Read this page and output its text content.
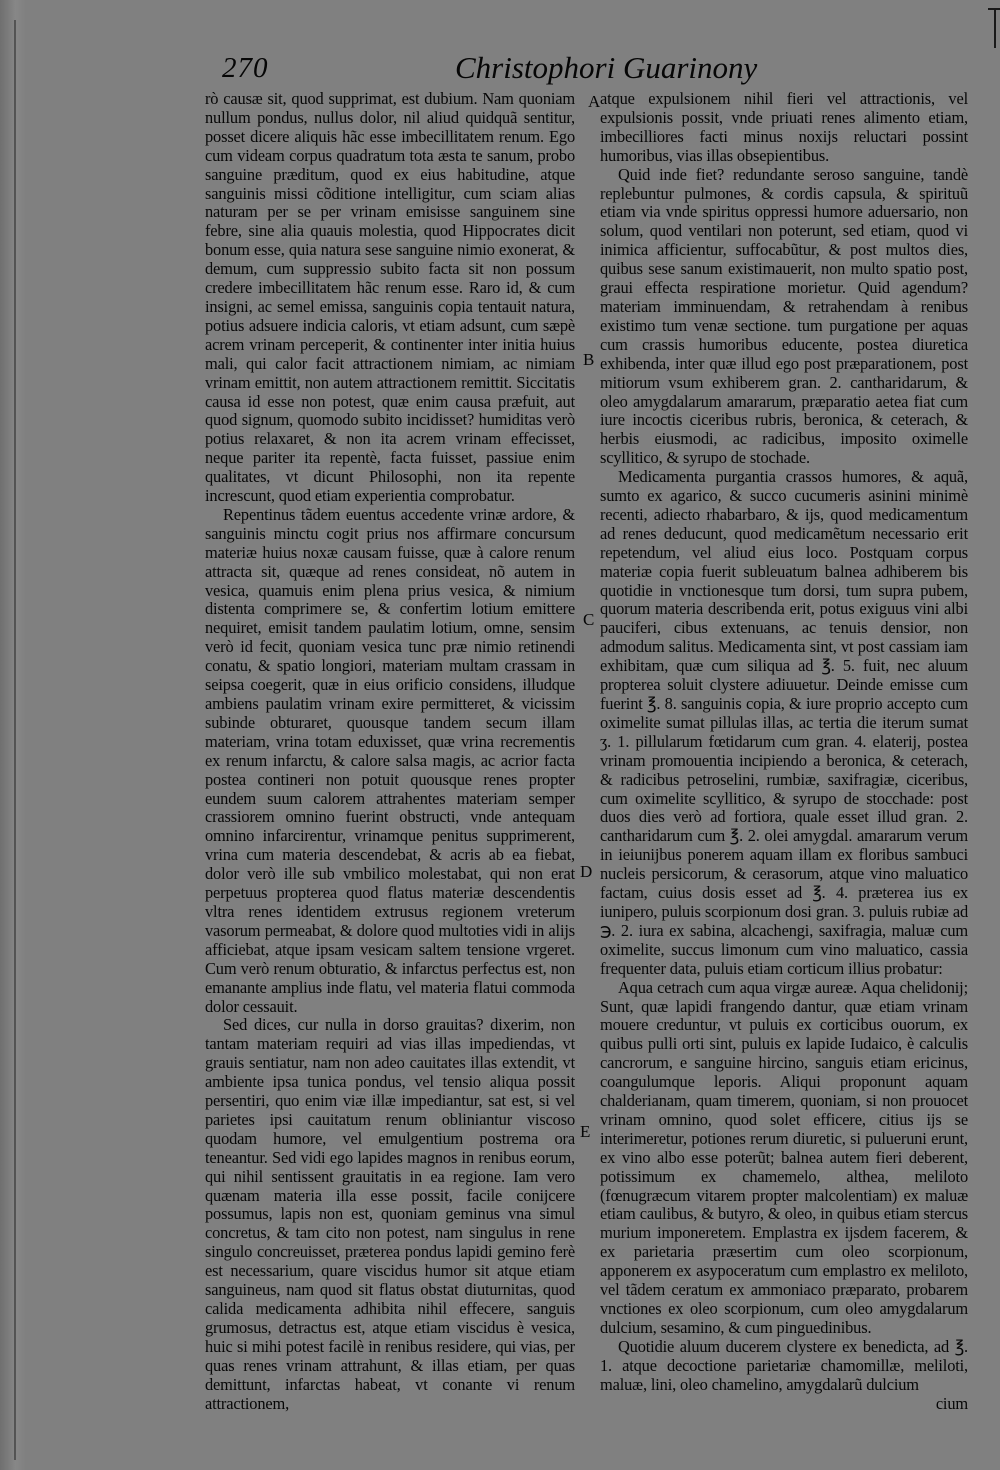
270	Christophori Guarinony

rò causæ sit, quod supprimat, est dubium. Nam quoniam nullum pondus, nullus dolor, nil aliud quidquã sentitur, posset dicere aliquis hãc esse imbecillitatem renum. Ego cum videam corpus quadratum tota æsta te sanum, probo sanguine præditum, quod ex eius habitudine, atque sanguinis missi cõditione intelligitur, cum sciam alias naturam per se per vrinam emisisse sanguinem sine febre, sine alia quauis molestia, quod Hippocrates dicit bonum esse, quia natura sese sanguine nimio exonerat, & demum, cum suppressio subito facta sit non possum credere imbecillitatem hãc renum esse. Raro id, & cum insigni, ac semel emissa, sanguinis copia tentauit natura, potius adsuere indicia caloris, vt etiam adsunt, cum sæpè acrem vrinam perceperit, & continenter inter initia huius mali, qui calor facit attractionem nimiam, ac nimiam vrinam emittit, non autem attractionem remittit. Siccitatis causa id esse non potest, quæ enim causa præfuit, aut quod signum, quomodo subito incidisset? humiditas verò potius relaxaret, & non ita acrem vrinam effecisset, neque pariter ita repentè, facta fuisset, passiue enim qualitates, vt dicunt Philosophi, non ita repente increscunt, quod etiam experientia comprobatur.

Repentinus tãdem euentus accedente vrinæ ardore, & sanguinis minctu cogit prius nos affirmare concursum materiæ huius noxæ causam fuisse, quæ à calore renum attracta sit, quæque ad renes consideat, nõ autem in vesica, quamuis enim plena prius vesica, & nimium distenta comprimere se, & confertim lotium emittere nequiret, emisit tandem paulatim lotium, omne, sensim verò id fecit, quoniam vesica tunc præ nimio retinendi conatu, & spatio longiori, materiam multam crassam in seipsa coegerit, quæ in eius orificio considens, illudque ambiens paulatim vrinam exire permitteret, & vicissim subinde obturaret, quousque tandem secum illam materiam, vrina totam eduxisset, quæ vrina recrementis ex renum infarctu, & calore salsa magis, ac acrior facta postea contineri non potuit quousque renes propter eundem suum calorem attrahentes materiam semper crassiorem omnino fuerint obstructi, vnde antequam omnino infarcirentur, vrinamque penitus supprimerent, vrina cum materia descendebat, & acris ab ea fiebat, dolor verò ille sub vmbilico molestabat, qui non erat perpetuus propterea quod flatus materiæ descendentis vltra renes identidem extrusus regionem vreterum vasorum permeabat, & dolore quod multoties vidi in alijs afficiebat, atque ipsam vesicam saltem tensione vrgeret. Cum verò renum obturatio, & infarctus perfectus est, non emanante amplius inde flatu, vel materia flatui commoda dolor cessauit.

Sed dices, cur nulla in dorso grauitas? dixerim, non tantam materiam requiri ad vias illas impediendas, vt grauis sentiatur, nam non adeo cauitates illas extendit, vt ambiente ipsa tunica pondus, vel tensio aliqua possit persentiri, quo enim viæ illæ impediantur, sat est, si vel parietes ipsi cauitatum renum obliniantur viscoso quodam humore, vel emulgentium postrema ora teneantur. Sed vidi ego lapides magnos in renibus eorum, qui nihil sentissent grauitatis in ea regione. Iam vero quænam materia illa esse possit, facile conijcere possumus, lapis non est, quoniam geminus vna simul concretus, & tam cito non potest, nam singulus in rene singulo concreuisset, præterea pondus lapidi gemino ferè est necessarium, quare viscidus humor sit atque etiam sanguineus, nam quod sit flatus obstat diuturnitas, quod calida medicamenta adhibita nihil effecere, sanguis grumosus, detractus est, atque etiam viscidus è vesica, huic si mihi potest facilè in renibus residere, qui vias, per quas renes vrinam attrahunt, & illas etiam, per quas demittunt, infarctas habeat, vt conante vi renum attractionem,

A
B
C
D
E

atque expulsionem nihil fieri vel attractionis, vel expulsionis possit, vnde priuati renes alimento etiam, imbecilliores facti minus noxijs reluctari possint humoribus, vias illas obsepientibus.

Quid inde fiet? redundante seroso sanguine, tandè replebuntur pulmones, & cordis capsula, & spirituũ etiam via vnde spiritus oppressi humore aduersario, non solum, quod ventilari non poterunt, sed etiam, quod vi inimica afficientur, suffocabũtur, & post multos dies, quibus sese sanum existimauerit, non multo spatio post, graui effecta respiratione morietur. Quid agendum? materiam imminuendam, & retrahendam à renibus existimo tum venæ sectione. tum purgatione per aquas cum crassis humoribus educente, postea diuretica exhibenda, inter quæ illud ego post præparationem, post mitiorum vsum exhiberem gran. 2. cantharidarum, & oleo amygdalarum amararum, præparatio aetea fiat cum iure incoctis ciceribus rubris, beronica, & ceterach, & herbis eiusmodi, ac radicibus, imposito oximelle scyllitico, & syrupo de stochade.

Medicamenta purgantia crassos humores, & aquã, sumto ex agarico, & succo cucumeris asinini minimè recenti, adiecto rhabarbaro, & ijs, quod medicamentum ad renes deducunt, quod medicamẽtum necessario erit repetendum, vel aliud eius loco. Postquam corpus materiæ copia fuerit subleuatum balnea adhiberem bis quotidie in vnctionesque tum dorsi, tum supra pubem, quorum materia describenda erit, potus exiguus vini albi pauciferi, cibus extenuans, ac tenuis densior, non admodum salitus. Medicamenta sint, vt post cassiam iam exhibitam, quæ cum siliqua ad ℥. 5. fuit, nec aluum propterea soluit clystere adiuuetur. Deinde emisse cum fuerint ℥. 8. sanguinis copia, & iure proprio accepto cum oximelite sumat pillulas illas, ac tertia die iterum sumat ʒ. 1. pillularum fœtidarum cum gran. 4. elaterij, postea vrinam promouentia incipiendo a beronica, & ceterach, & radicibus petroselini, rumbiæ, saxifragiæ, ciceribus, cum oximelite scyllitico, & syrupo de stocchade: post duos dies verò ad fortiora, quale esset illud gran. 2. cantharidarum cum ℥. 2. olei amygdal. amararum verum in ieiunijbus ponerem aquam illam ex floribus sambuci nucleis persicorum, & cerasorum, atque vino maluatico factam, cuius dosis esset ad ℥. 4. præterea ius ex iunipero, puluis scorpionum dosi gran. 3. puluis rubiæ ad ℈. 2. iura ex sabina, alcachengi, saxifragia, maluæ cum oximelite, succus limonum cum vino maluatico, cassia frequenter data, puluis etiam corticum illius probatur:

Aqua cetrach cum aqua virgæ aureæ. Aqua chelidonij; Sunt, quæ lapidi frangendo dantur, quæ etiam vrinam mouere creduntur, vt puluis ex corticibus ouorum, ex quibus pulli orti sint, puluis ex lapide Iudaico, è calculis cancrorum, e sanguine hircino, sanguis etiam ericinus, coangulumque leporis. Aliqui proponunt aquam chalderianam, quam timerem, quoniam, si non prouocet vrinam omnino, quod solet efficere, citius ijs se interimeretur, potiones rerum diuretic, si pulueruni erunt, ex vino albo esse poterũt; balnea autem fieri deberent, potissimum ex chamemelo, althea, meliloto (fœnugræcum vitarem propter malcolentiam) ex maluæ etiam caulibus, & butyro, & oleo, in quibus etiam stercus murium imponeretem. Emplastra ex ijsdem facerem, & ex parietaria præsertim cum oleo scorpionum, apponerem ex asypoceratum cum emplastro ex meliloto, vel tãdem ceratum ex ammoniaco præparato, probarem vnctiones ex oleo scorpionum, cum oleo amygdalarum dulcium, sesamino, & cum pinguedinibus.

Quotidie aluum ducerem clystere ex benedicta, ad ℥. 1. atque decoctione parietariæ chamomillæ, meliloti, maluæ, lini, oleo chamelino, amygdalarũ dulcium

cium
